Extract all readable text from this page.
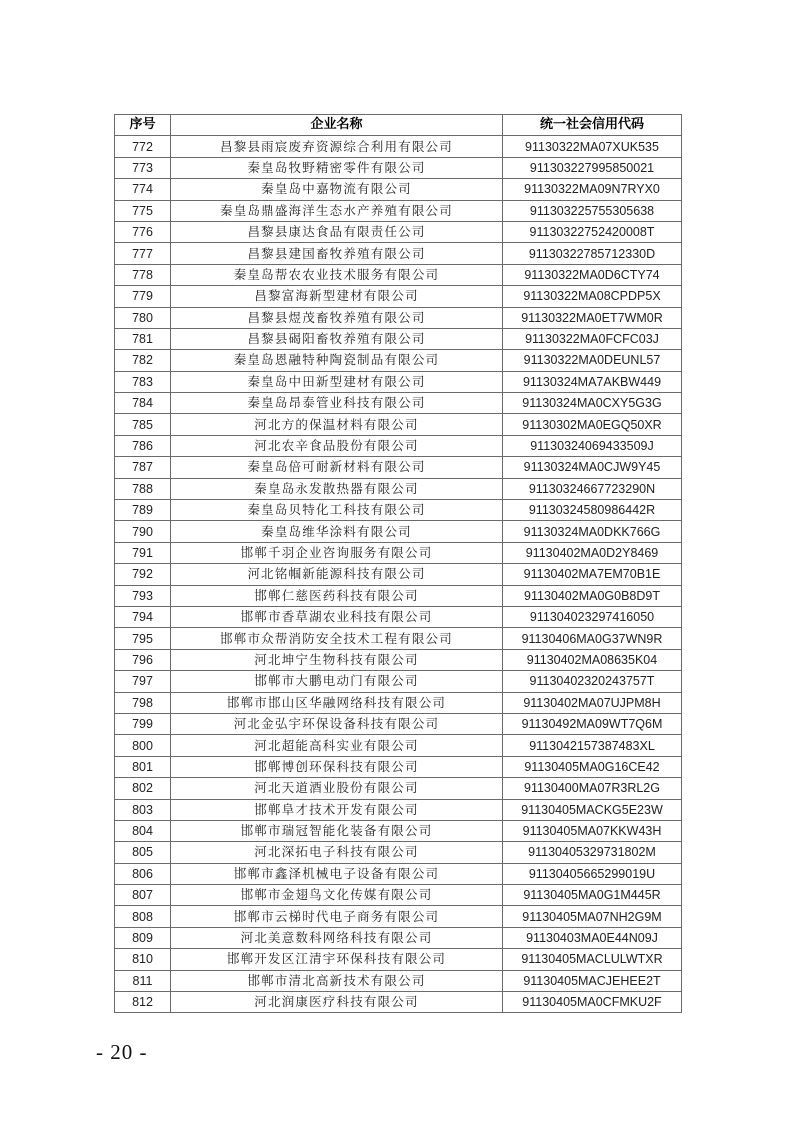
序号	企业名称	统一社会信用代码
772	昌黎县雨宸废弃资源综合利用有限公司	91130322MA07XUK535
773	秦皇岛牧野精密零件有限公司	911303227995850021
774	秦皇岛中嘉物流有限公司	91130322MA09N7RYX0
775	秦皇岛鼎盛海洋生态水产养殖有限公司	911303225755305638
776	昌黎县康达食品有限责任公司	91130322752420008T
777	昌黎县建国畜牧养殖有限公司	91130322785712330D
778	秦皇岛帮农农业技术服务有限公司	91130322MA0D6CTY74
779	昌黎富海新型建材有限公司	91130322MA08CPDP5X
780	昌黎县煜茂畜牧养殖有限公司	91130322MA0ET7WM0R
781	昌黎县碣阳畜牧养殖有限公司	91130322MA0FCFC03J
782	秦皇岛恩融特种陶瓷制品有限公司	91130322MA0DEUNL57
783	秦皇岛中田新型建材有限公司	91130324MA7AKBW449
784	秦皇岛昂泰管业科技有限公司	91130324MA0CXY5G3G
785	河北方的保温材料有限公司	91130302MA0EGQ50XR
786	河北农辛食品股份有限公司	91130324069433509J
787	秦皇岛倍可耐新材料有限公司	91130324MA0CJW9Y45
788	秦皇岛永发散热器有限公司	91130324667723290N
789	秦皇岛贝特化工科技有限公司	91130324580986442R
790	秦皇岛维华涂料有限公司	91130324MA0DKK766G
791	邯郸千羽企业咨询服务有限公司	91130402MA0D2Y8469
792	河北铭帼新能源科技有限公司	91130402MA7EM70B1E
793	邯郸仁慈医药科技有限公司	91130402MA0G0B8D9T
794	邯郸市香草湖农业科技有限公司	911304023297416050
795	邯郸市众帮消防安全技术工程有限公司	91130406MA0G37WN9R
796	河北坤宁生物科技有限公司	91130402MA08635K04
797	邯郸市大鹏电动门有限公司	91130402320243757T
798	邯郸市邯山区华融网络科技有限公司	91130402MA07UJPM8H
799	河北金弘宇环保设备科技有限公司	91130492MA09WT7Q6M
800	河北超能高科实业有限公司	9113042157387483XL
801	邯郸博创环保科技有限公司	91130405MA0G16CE42
802	河北天道酒业股份有限公司	91130400MA07R3RL2G
803	邯郸阜才技术开发有限公司	91130405MACKG5E23W
804	邯郸市瑞冠智能化装备有限公司	91130405MA07KKW43H
805	河北深拓电子科技有限公司	91130405329731802M
806	邯郸市鑫泽机械电子设备有限公司	91130405665299019U
807	邯郸市金翅鸟文化传媒有限公司	91130405MA0G1M445R
808	邯郸市云梯时代电子商务有限公司	91130405MA07NH2G9M
809	河北美意数科网络科技有限公司	91130403MA0E44N09J
810	邯郸开发区江清宇环保科技有限公司	91130405MACLULWTXR
811	邯郸市清北高新技术有限公司	91130405MACJEHEE2T
812	河北润康医疗科技有限公司	91130405MA0CFMKU2F
- 20 -
